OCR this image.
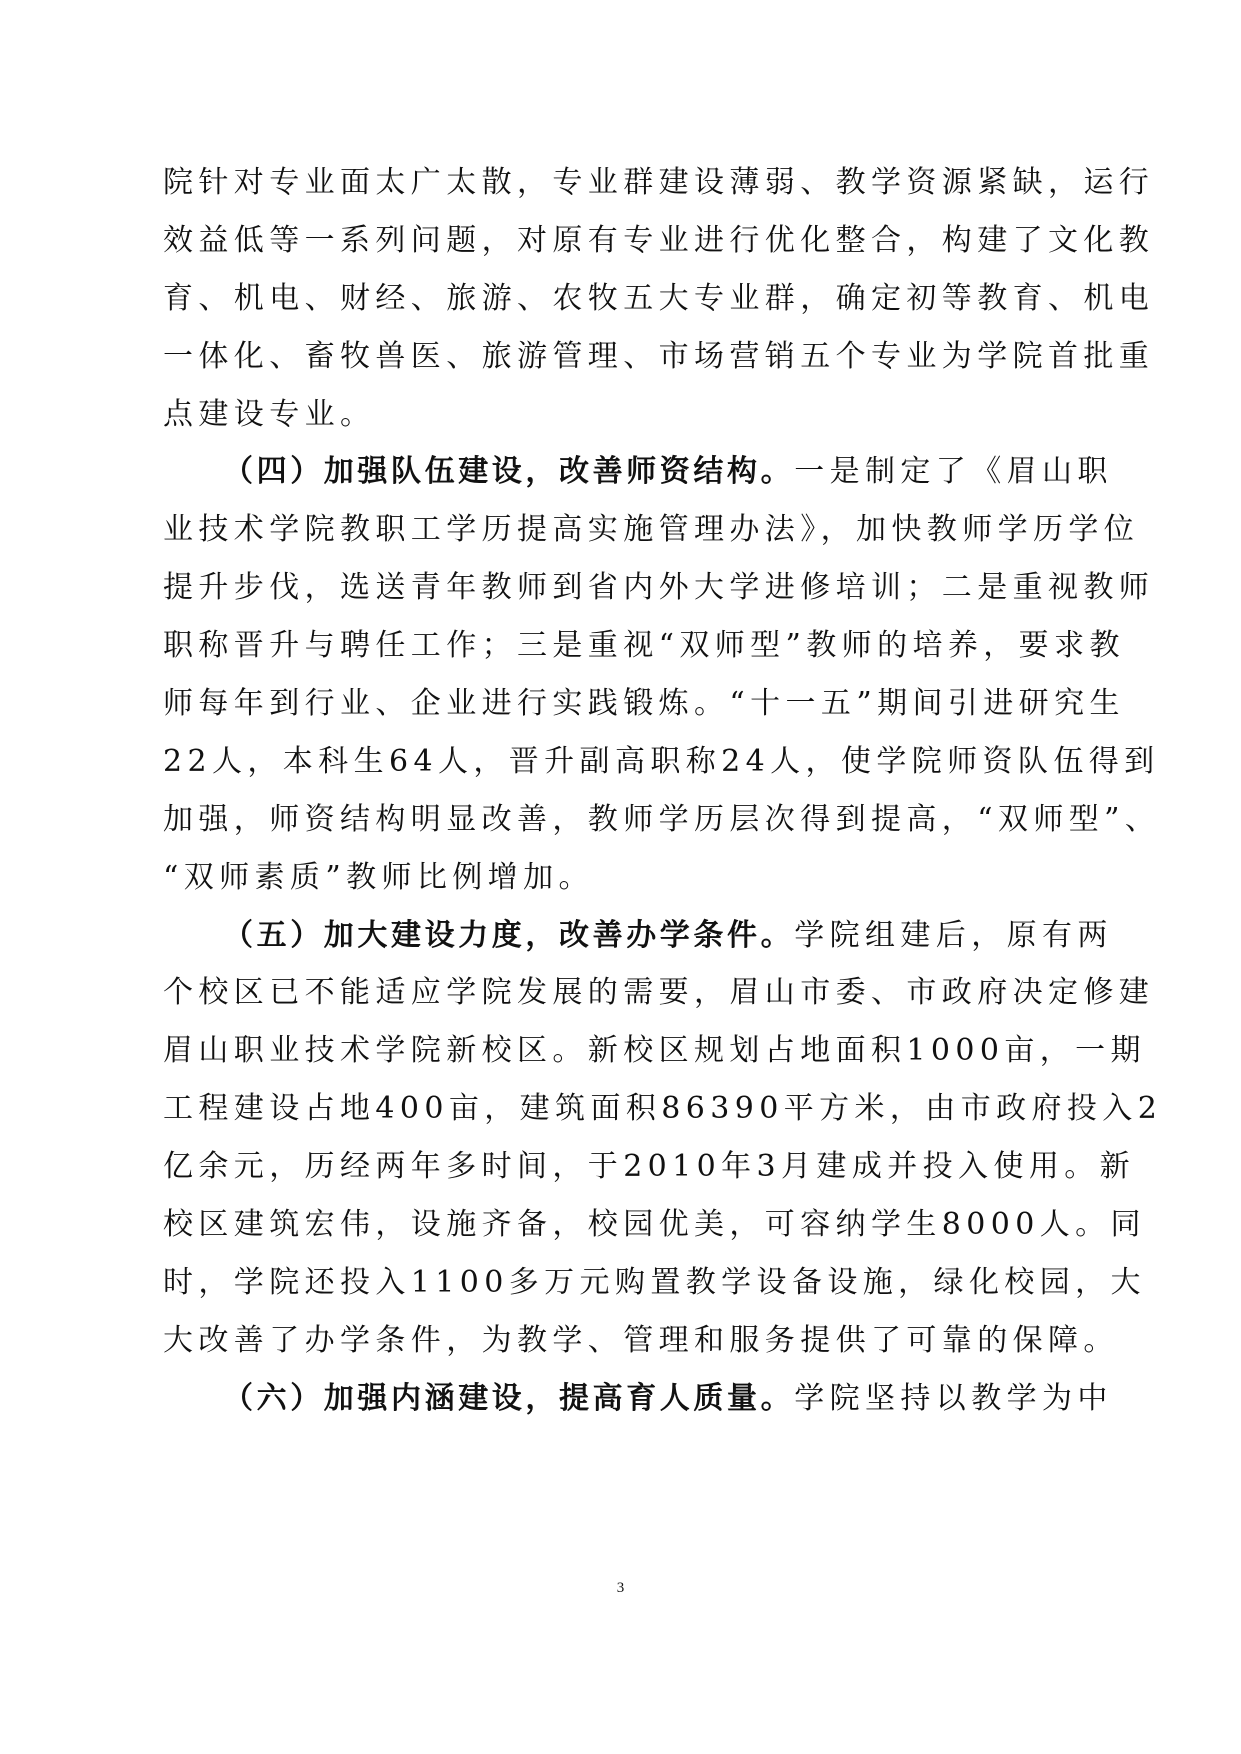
院针对专业面太广太散，专业群建设薄弱、教学资源紧缺，运行
效益低等一系列问题，对原有专业进行优化整合，构建了文化教
育、机电、财经、旅游、农牧五大专业群，确定初等教育、机电
一体化、畜牧兽医、旅游管理、市场营销五个专业为学院首批重
点建设专业。
（四）加强队伍建设，改善师资结构。一是制定了《眉山职
业技术学院教职工学历提高实施管理办法》，加快教师学历学位
提升步伐，选送青年教师到省内外大学进修培训；二是重视教师
职称晋升与聘任工作；三是重视“双师型”教师的培养，要求教
师每年到行业、企业进行实践锻炼。“十一五”期间引进研究生
22人，本科生64人，晋升副高职称24人，使学院师资队伍得到
加强，师资结构明显改善，教师学历层次得到提高，“双师型”、
“双师素质”教师比例增加。
（五）加大建设力度，改善办学条件。学院组建后，原有两
个校区已不能适应学院发展的需要，眉山市委、市政府决定修建
眉山职业技术学院新校区。新校区规划占地面积1000亩，一期
工程建设占地400亩，建筑面积86390平方米，由市政府投入2
亿余元，历经两年多时间，于2010年3月建成并投入使用。新
校区建筑宏伟，设施齐备，校园优美，可容纳学生8000人。同
时，学院还投入1100多万元购置教学设备设施，绿化校园，大
大改善了办学条件，为教学、管理和服务提供了可靠的保障。
（六）加强内涵建设，提高育人质量。学院坚持以教学为中
3
